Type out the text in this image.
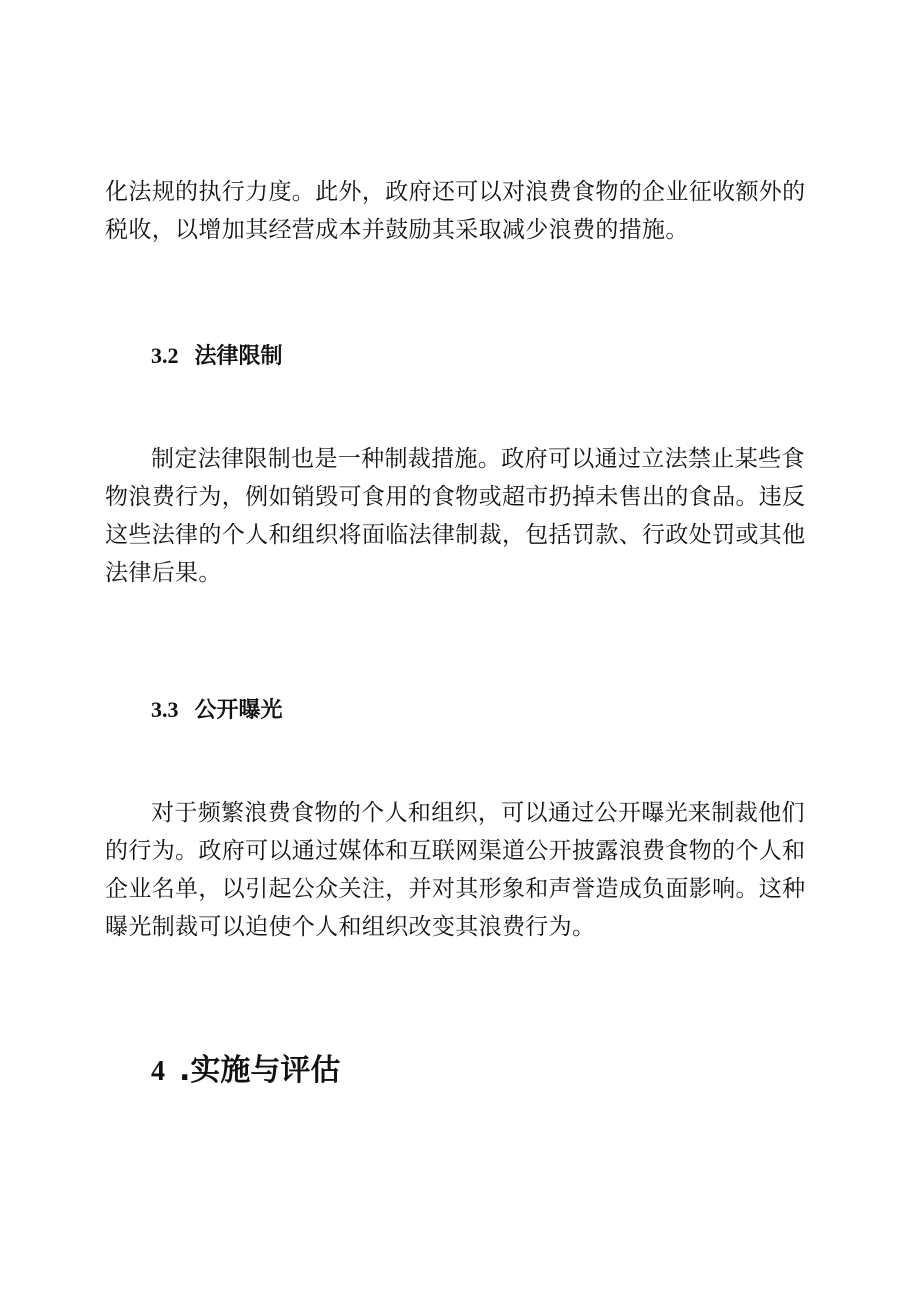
化法规的执行力度。此外，政府还可以对浪费食物的企业征收额外的
税收，以增加其经营成本并鼓励其采取减少浪费的措施。

3.2 法律限制

制定法律限制也是一种制裁措施。政府可以通过立法禁止某些食
物浪费行为，例如销毁可食用的食物或超市扔掉未售出的食品。违反
这些法律的个人和组织将面临法律制裁，包括罚款、行政处罚或其他
法律后果。

3.3 公开曝光

对于频繁浪费食物的个人和组织，可以通过公开曝光来制裁他们
的行为。政府可以通过媒体和互联网渠道公开披露浪费食物的个人和
企业名单，以引起公众关注，并对其形象和声誉造成负面影响。这种
曝光制裁可以迫使个人和组织改变其浪费行为。

4 .实施与评估
